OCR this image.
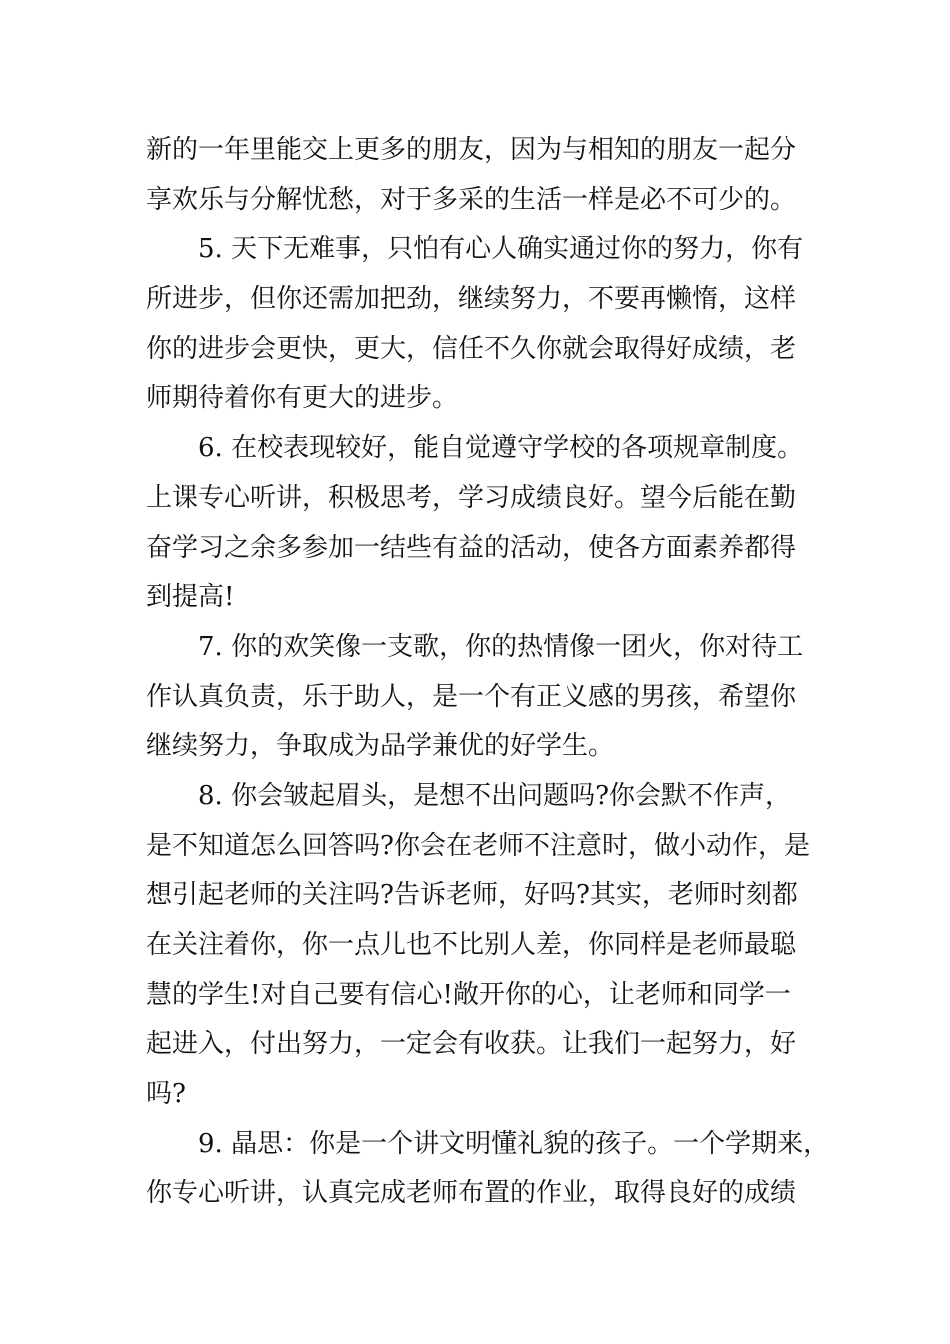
新的一年里能交上更多的朋友，因为与相知的朋友一起分
享欢乐与分解忧愁，对于多采的生活一样是必不可少的。
5. 天下无难事，只怕有心人确实通过你的努力，你有
所进步，但你还需加把劲，继续努力，不要再懒惰，这样
你的进步会更快，更大，信任不久你就会取得好成绩，老
师期待着你有更大的进步。
6. 在校表现较好，能自觉遵守学校的各项规章制度。
上课专心听讲，积极思考，学习成绩良好。望今后能在勤
奋学习之余多参加一结些有益的活动，使各方面素养都得
到提高!
7. 你的欢笑像一支歌，你的热情像一团火，你对待工
作认真负责，乐于助人，是一个有正义感的男孩，希望你
继续努力，争取成为品学兼优的好学生。
8. 你会皱起眉头，是想不出问题吗?你会默不作声，
是不知道怎么回答吗?你会在老师不注意时，做小动作，是
想引起老师的关注吗?告诉老师，好吗?其实，老师时刻都
在关注着你，你一点儿也不比别人差，你同样是老师最聪
慧的学生!对自己要有信心!敞开你的心，让老师和同学一
起进入，付出努力，一定会有收获。让我们一起努力，好
吗?
9. 晶思：你是一个讲文明懂礼貌的孩子。一个学期来，
你专心听讲，认真完成老师布置的作业，取得良好的成绩
